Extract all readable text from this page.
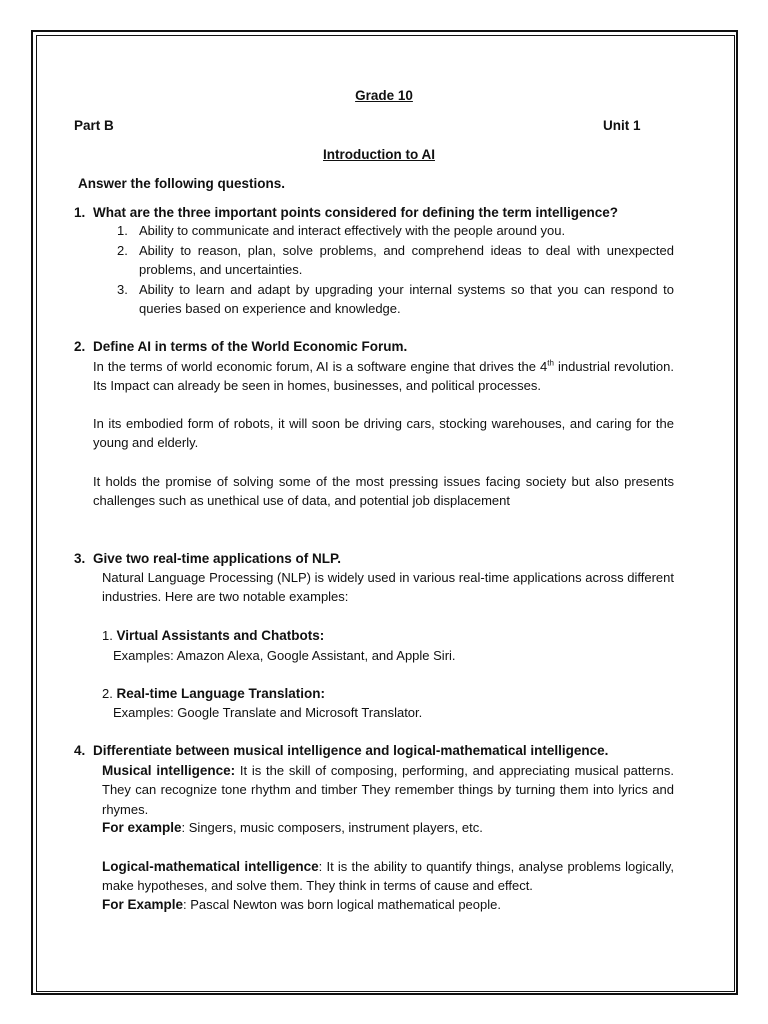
Grade 10
Part B	Unit 1
Introduction to AI
Answer the following questions.
1. What are the three important points considered for defining the term intelligence?
1. Ability to communicate and interact effectively with the people around you.
2. Ability to reason, plan, solve problems, and comprehend ideas to deal with unexpected problems, and uncertainties.
3. Ability to learn and adapt by upgrading your internal systems so that you can respond to queries based on experience and knowledge.
2. Define AI in terms of the World Economic Forum.
In the terms of world economic forum, AI is a software engine that drives the 4th industrial revolution. Its Impact can already be seen in homes, businesses, and political processes.
In its embodied form of robots, it will soon be driving cars, stocking warehouses, and caring for the young and elderly.
It holds the promise of solving some of the most pressing issues facing society but also presents challenges such as unethical use of data, and potential job displacement
3. Give two real-time applications of NLP.
Natural Language Processing (NLP) is widely used in various real-time applications across different industries. Here are two notable examples:
1. Virtual Assistants and Chatbots:
Examples: Amazon Alexa, Google Assistant, and Apple Siri.
2. Real-time Language Translation:
Examples: Google Translate and Microsoft Translator.
4. Differentiate between musical intelligence and logical-mathematical intelligence.
Musical intelligence: It is the skill of composing, performing, and appreciating musical patterns. They can recognize tone rhythm and timber They remember things by turning them into lyrics and rhymes.
For example: Singers, music composers, instrument players, etc.
Logical-mathematical intelligence: It is the ability to quantify things, analyse problems logically, make hypotheses, and solve them. They think in terms of cause and effect.
For Example: Pascal Newton was born logical mathematical people.
